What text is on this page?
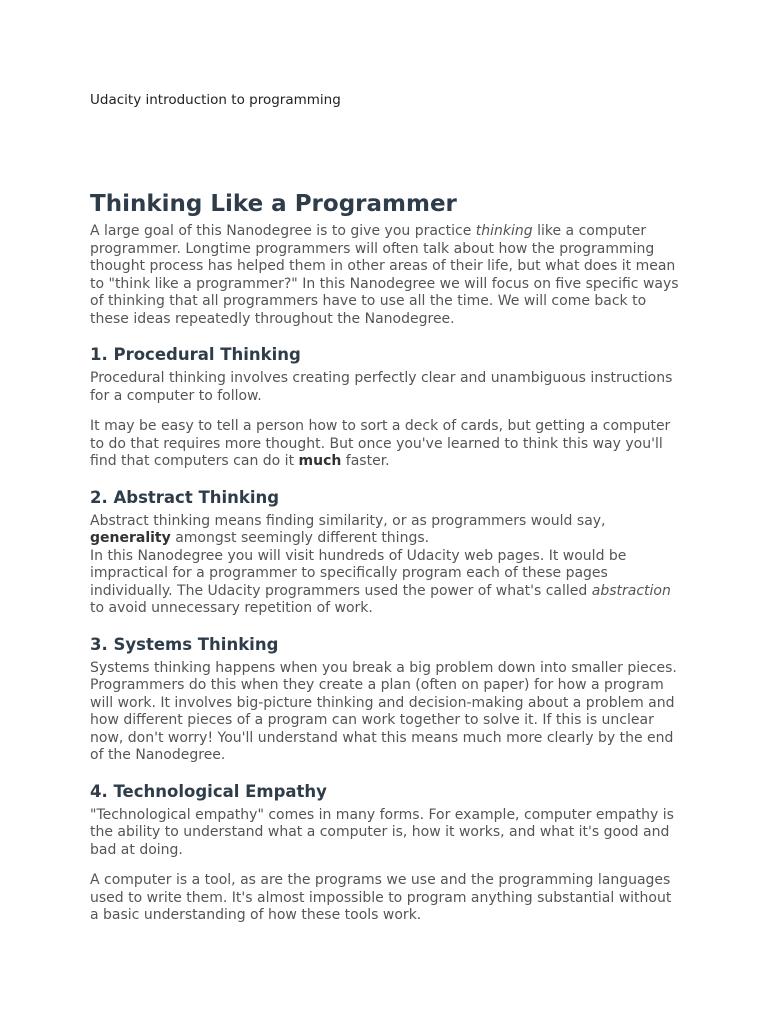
Udacity introduction to programming

Thinking Like a Programmer

A large goal of this Nanodegree is to give you practice thinking like a computer programmer. Longtime programmers will often talk about how the programming thought process has helped them in other areas of their life, but what does it mean to "think like a programmer?" In this Nanodegree we will focus on five specific ways of thinking that all programmers have to use all the time. We will come back to these ideas repeatedly throughout the Nanodegree.

1. Procedural Thinking

Procedural thinking involves creating perfectly clear and unambiguous instructions for a computer to follow.

It may be easy to tell a person how to sort a deck of cards, but getting a computer to do that requires more thought. But once you've learned to think this way you'll find that computers can do it much faster.

2. Abstract Thinking

Abstract thinking means finding similarity, or as programmers would say, generality amongst seemingly different things.

In this Nanodegree you will visit hundreds of Udacity web pages. It would be impractical for a programmer to specifically program each of these pages individually. The Udacity programmers used the power of what's called abstraction to avoid unnecessary repetition of work.

3. Systems Thinking

Systems thinking happens when you break a big problem down into smaller pieces. Programmers do this when they create a plan (often on paper) for how a program will work. It involves big-picture thinking and decision-making about a problem and how different pieces of a program can work together to solve it. If this is unclear now, don't worry! You'll understand what this means much more clearly by the end of the Nanodegree.

4. Technological Empathy

"Technological empathy" comes in many forms. For example, computer empathy is the ability to understand what a computer is, how it works, and what it's good and bad at doing.

A computer is a tool, as are the programs we use and the programming languages used to write them. It's almost impossible to program anything substantial without a basic understanding of how these tools work.
